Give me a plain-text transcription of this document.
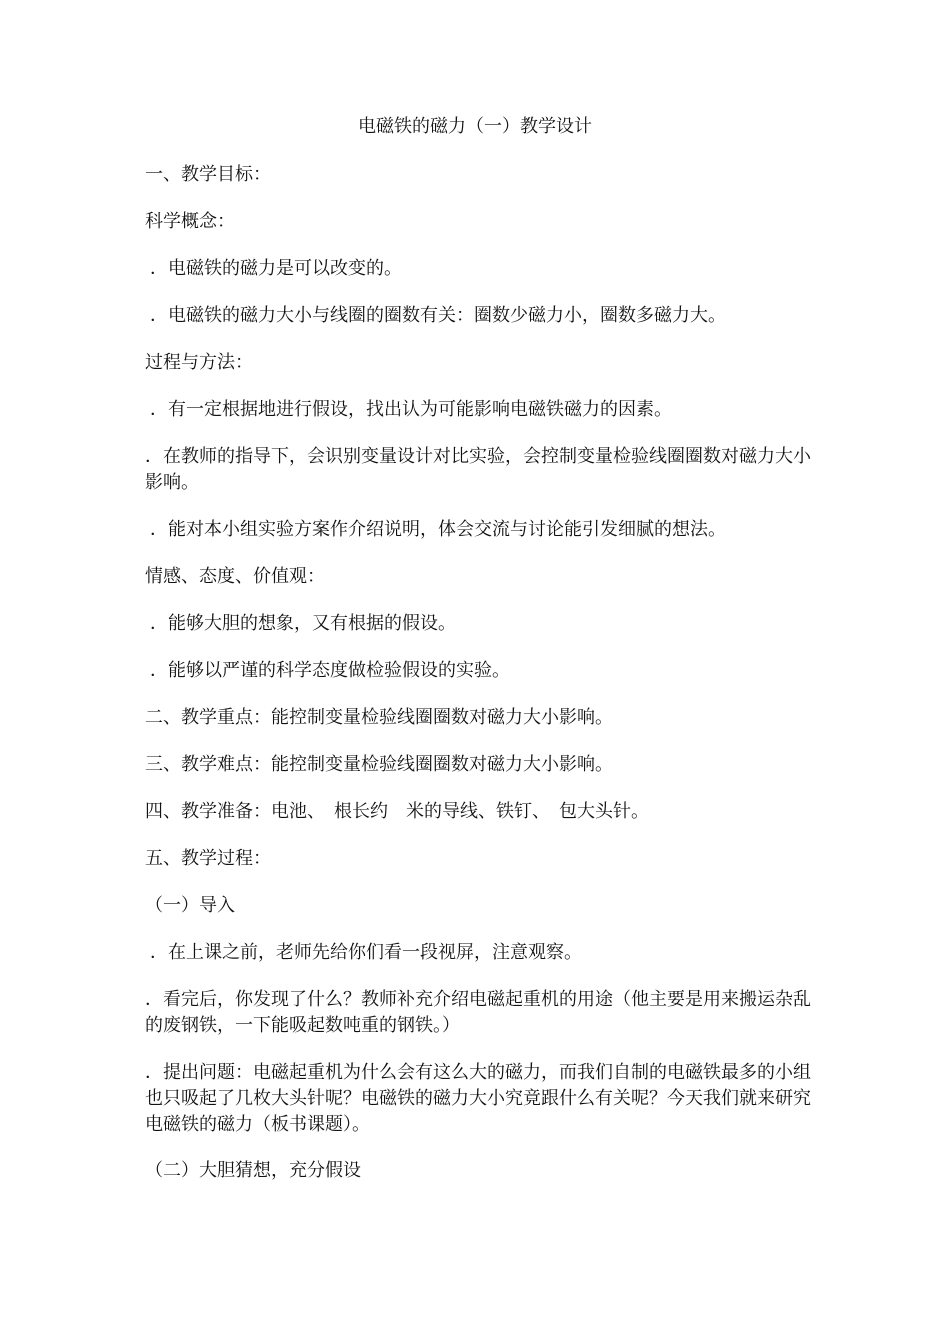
电磁铁的磁力（一）教学设计
一、教学目标：
科学概念：
．电磁铁的磁力是可以改变的。
．电磁铁的磁力大小与线圈的圈数有关：圈数少磁力小，圈数多磁力大。
过程与方法：
．有一定根据地进行假设，找出认为可能影响电磁铁磁力的因素。
．在教师的指导下，会识别变量设计对比实验，会控制变量检验线圈圈数对磁力大小影响。
．能对本小组实验方案作介绍说明，体会交流与讨论能引发细腻的想法。
情感、态度、价值观：
．能够大胆的想象，又有根据的假设。
．能够以严谨的科学态度做检验假设的实验。
二、教学重点：能控制变量检验线圈圈数对磁力大小影响。
三、教学难点：能控制变量检验线圈圈数对磁力大小影响。
四、教学准备：电池、　根长约　米的导线、铁钉、　包大头针。
五、教学过程：
（一）导入
．在上课之前，老师先给你们看一段视屏，注意观察。
．看完后，你发现了什么？教师补充介绍电磁起重机的用途（他主要是用来搬运杂乱的废钢铁，一下能吸起数吨重的钢铁。）
．提出问题：电磁起重机为什么会有这么大的磁力，而我们自制的电磁铁最多的小组也只吸起了几枚大头针呢？电磁铁的磁力大小究竟跟什么有关呢？今天我们就来研究电磁铁的磁力（板书课题）。
（二）大胆猜想，充分假设
